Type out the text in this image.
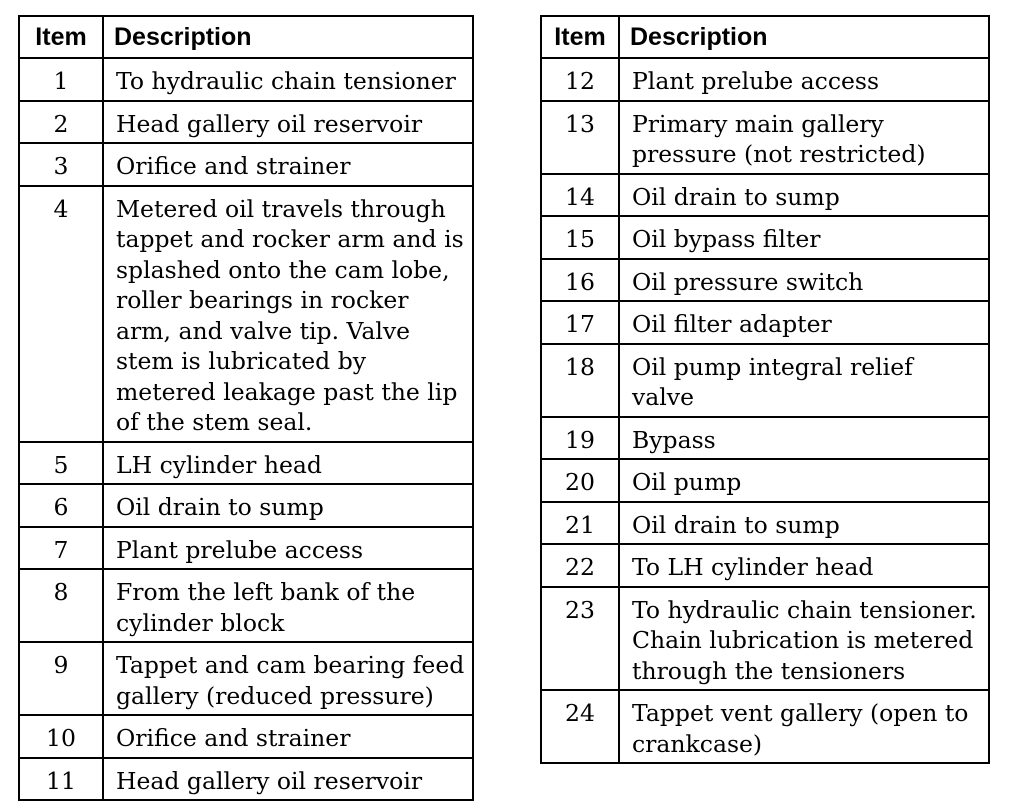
Item	Description
1	To hydraulic chain tensioner
2	Head gallery oil reservoir
3	Orifice and strainer
4	Metered oil travels through tappet and rocker arm and is splashed onto the cam lobe, roller bearings in rocker arm, and valve tip. Valve stem is lubricated by metered leakage past the lip of the stem seal.
5	LH cylinder head
6	Oil drain to sump
7	Plant prelube access
8	From the left bank of the cylinder block
9	Tappet and cam bearing feed gallery (reduced pressure)
10	Orifice and strainer
11	Head gallery oil reservoir
Item	Description
12	Plant prelube access
13	Primary main gallery pressure (not restricted)
14	Oil drain to sump
15	Oil bypass filter
16	Oil pressure switch
17	Oil filter adapter
18	Oil pump integral relief valve
19	Bypass
20	Oil pump
21	Oil drain to sump
22	To LH cylinder head
23	To hydraulic chain tensioner. Chain lubrication is metered through the tensioners
24	Tappet vent gallery (open to crankcase)
